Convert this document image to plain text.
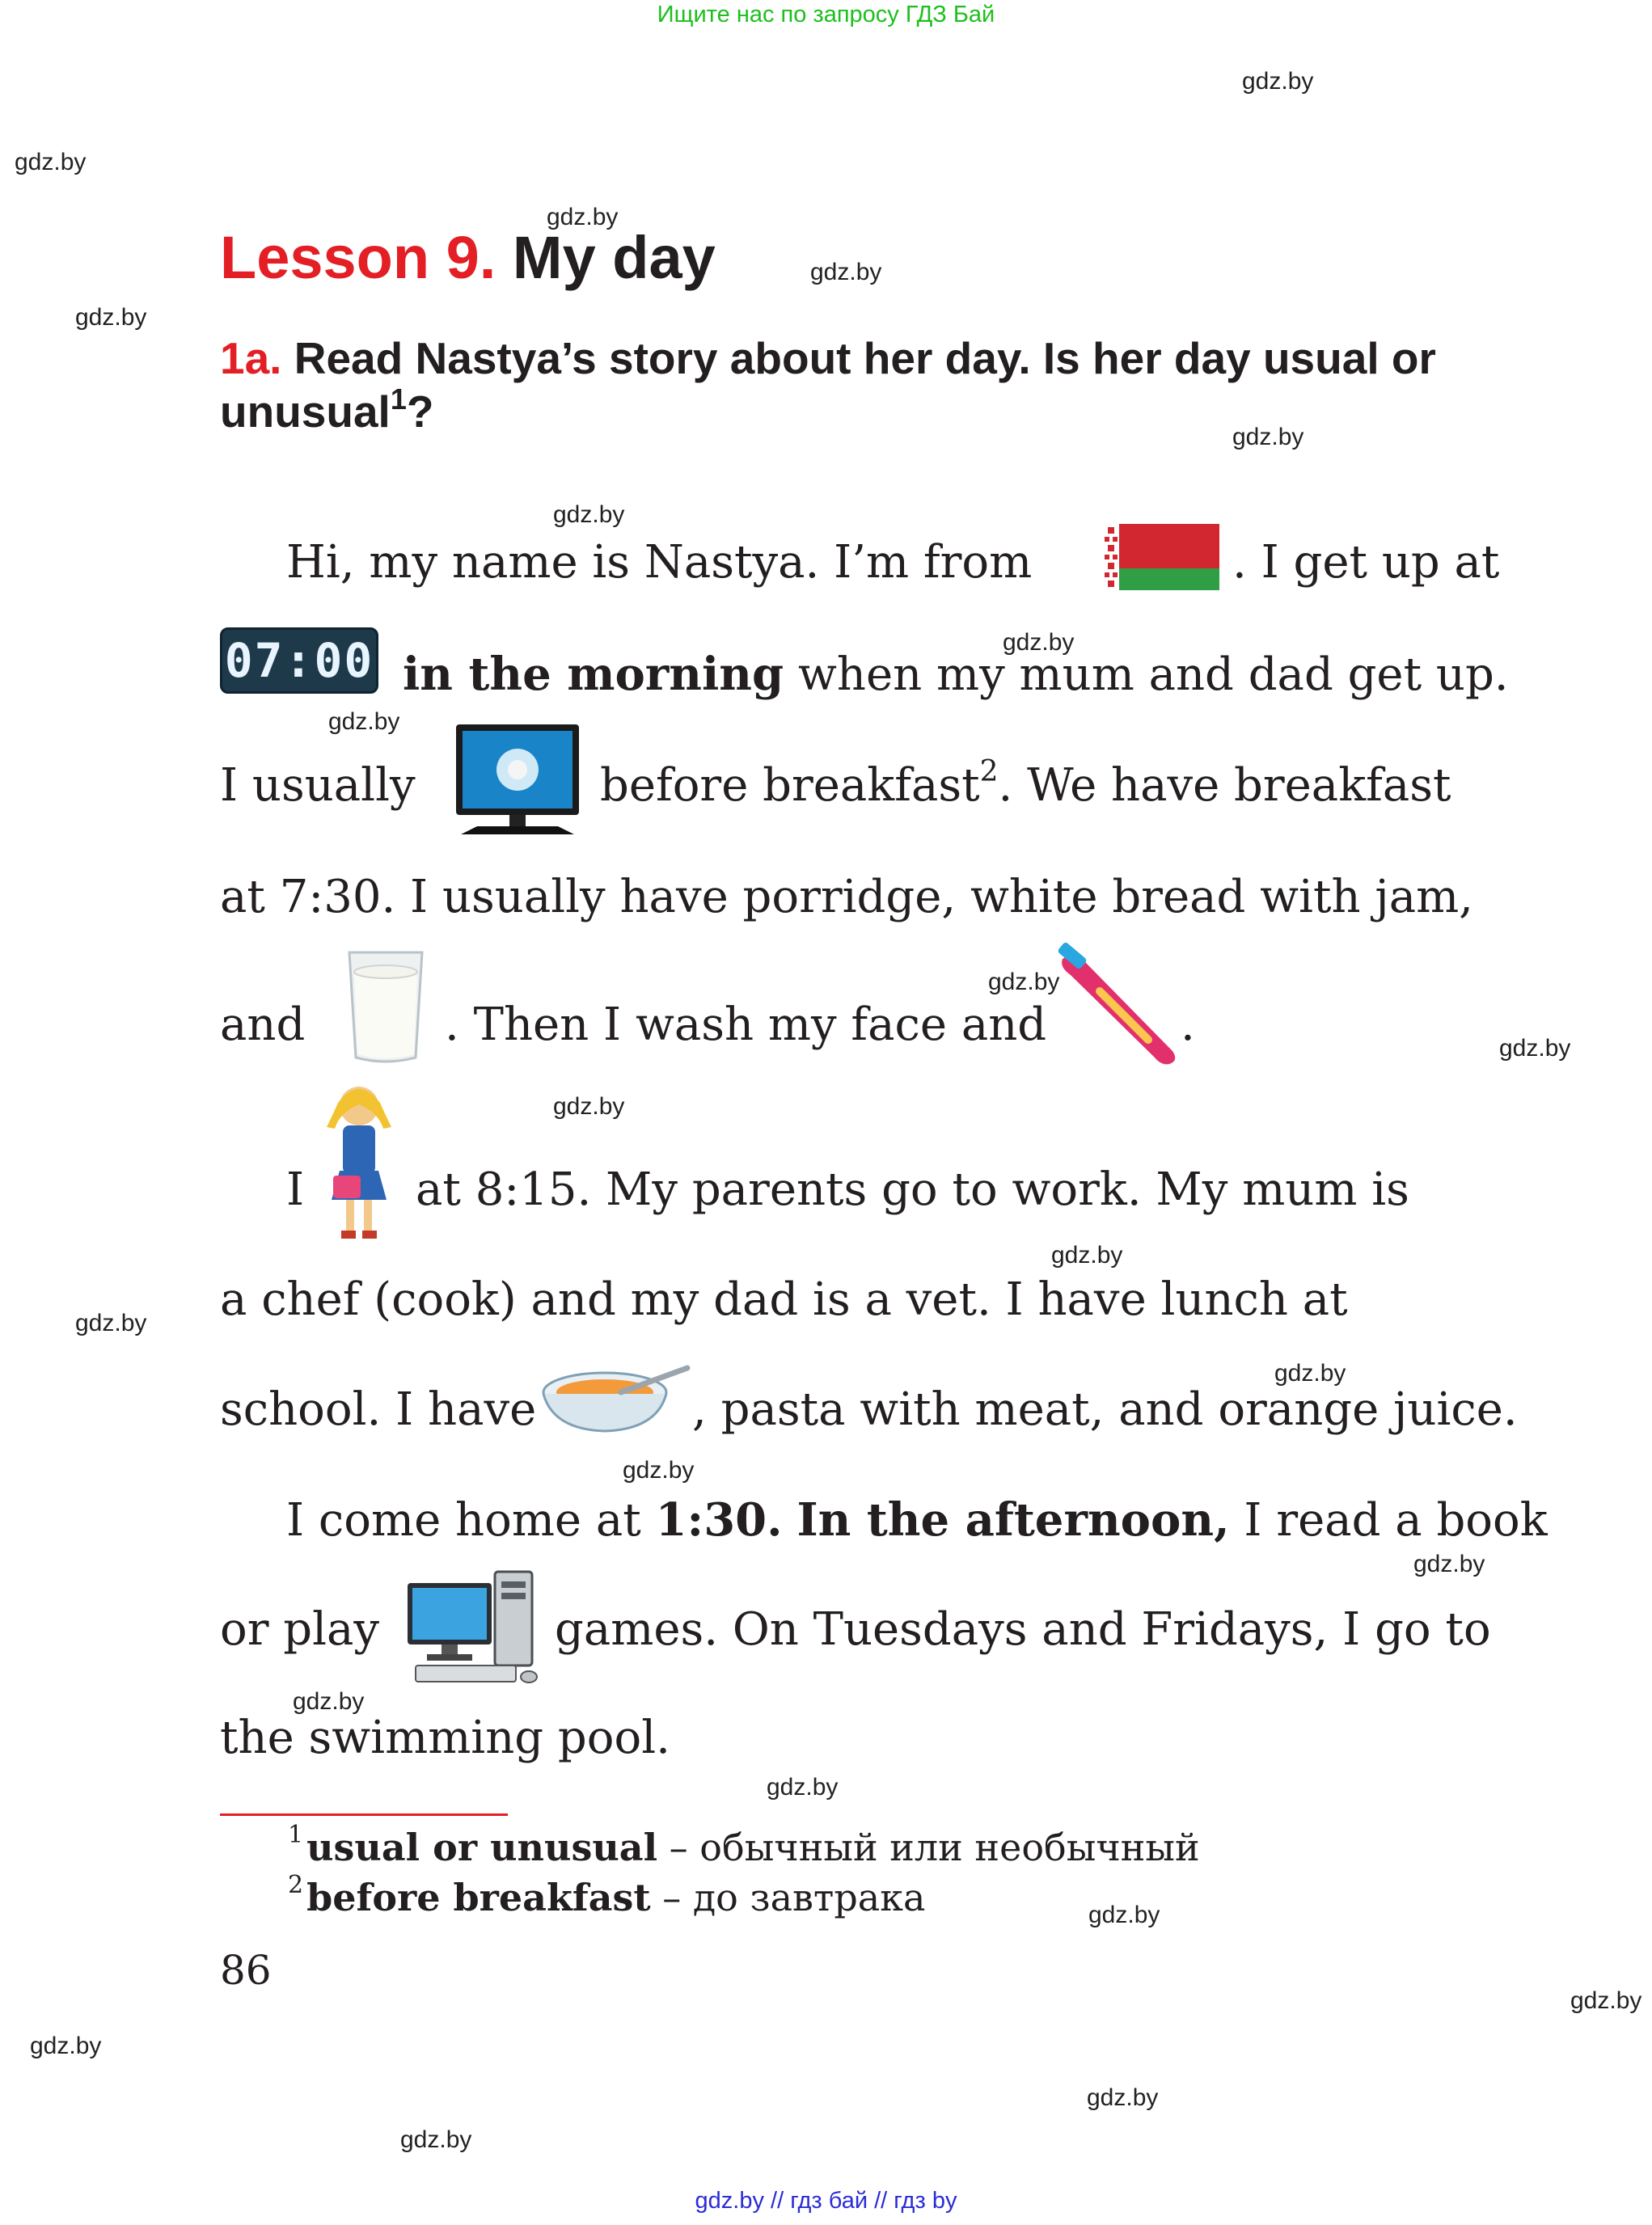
Ищите нас по запросу ГДЗ Бай
gdz.by // гдз бай // гдз by
gdz.by
gdz.by
gdz.by
gdz.by
gdz.by
gdz.by
gdz.by
gdz.by
gdz.by
gdz.by
gdz.by
gdz.by
gdz.by
gdz.by
gdz.by
gdz.by
gdz.by
gdz.by
gdz.by
gdz.by
gdz.by
gdz.by
gdz.by
gdz.by
Lesson 9. My day
1a. Read Nastya’s story about her day. Is her day usual or unusual$^1$?
Hi, my name is Nastya. I’m from	. I get up at
07:00 in the morning when my mum and dad get up.
I usually	before breakfast$^2$. We have breakfast
at 7:30. I usually have porridge, white bread with jam,
and	. Then I wash my face and	.
I at 8:15. My parents go to work. My mum is
a chef (cook) and my dad is a vet. I have lunch at
school. I have	, pasta with meat, and orange juice.
I come home at 1:30. In the afternoon, I read a book
or play	games. On Tuesdays and Fridays, I go to
the swimming pool.
$^1$usual or unusual – обычный или необычный
$^2$before breakfast – до завтрака
86
